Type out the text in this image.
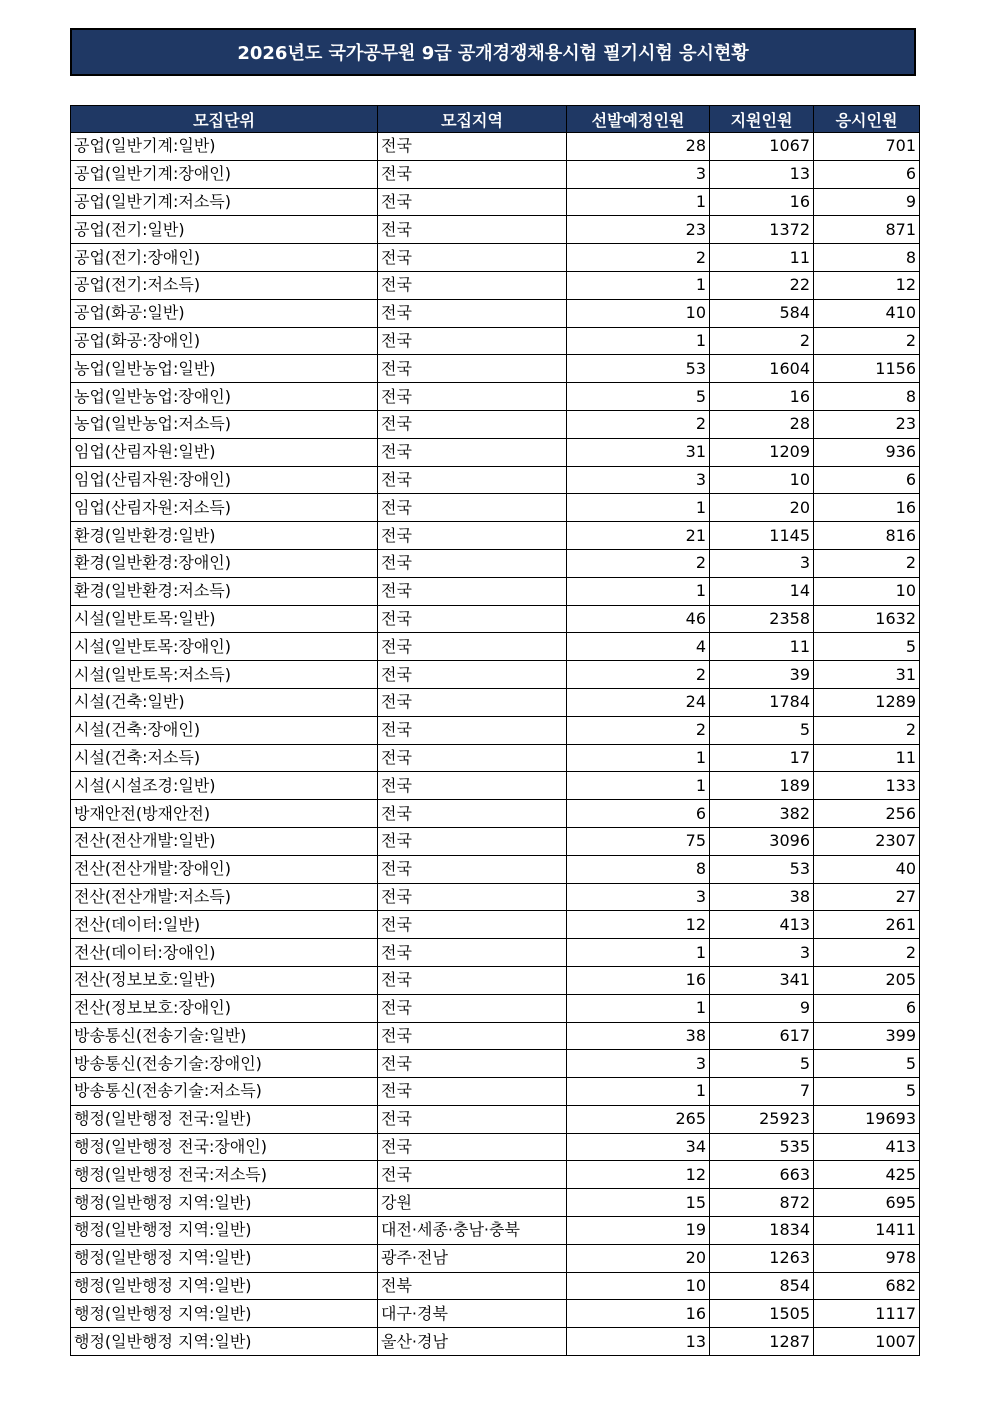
2026년도 국가공무원 9급 공개경쟁채용시험 필기시험 응시현황
모집단위	모집지역	선발예정인원	지원인원	응시인원
공업(일반기계:일반)	전국	28	1067	701
공업(일반기계:장애인)	전국	3	13	6
공업(일반기계:저소득)	전국	1	16	9
공업(전기:일반)	전국	23	1372	871
공업(전기:장애인)	전국	2	11	8
공업(전기:저소득)	전국	1	22	12
공업(화공:일반)	전국	10	584	410
공업(화공:장애인)	전국	1	2	2
농업(일반농업:일반)	전국	53	1604	1156
농업(일반농업:장애인)	전국	5	16	8
농업(일반농업:저소득)	전국	2	28	23
임업(산림자원:일반)	전국	31	1209	936
임업(산림자원:장애인)	전국	3	10	6
임업(산림자원:저소득)	전국	1	20	16
환경(일반환경:일반)	전국	21	1145	816
환경(일반환경:장애인)	전국	2	3	2
환경(일반환경:저소득)	전국	1	14	10
시설(일반토목:일반)	전국	46	2358	1632
시설(일반토목:장애인)	전국	4	11	5
시설(일반토목:저소득)	전국	2	39	31
시설(건축:일반)	전국	24	1784	1289
시설(건축:장애인)	전국	2	5	2
시설(건축:저소득)	전국	1	17	11
시설(시설조경:일반)	전국	1	189	133
방재안전(방재안전)	전국	6	382	256
전산(전산개발:일반)	전국	75	3096	2307
전산(전산개발:장애인)	전국	8	53	40
전산(전산개발:저소득)	전국	3	38	27
전산(데이터:일반)	전국	12	413	261
전산(데이터:장애인)	전국	1	3	2
전산(정보보호:일반)	전국	16	341	205
전산(정보보호:장애인)	전국	1	9	6
방송통신(전송기술:일반)	전국	38	617	399
방송통신(전송기술:장애인)	전국	3	5	5
방송통신(전송기술:저소득)	전국	1	7	5
행정(일반행정 전국:일반)	전국	265	25923	19693
행정(일반행정 전국:장애인)	전국	34	535	413
행정(일반행정 전국:저소득)	전국	12	663	425
행정(일반행정 지역:일반)	강원	15	872	695
행정(일반행정 지역:일반)	대전·세종·충남·충북	19	1834	1411
행정(일반행정 지역:일반)	광주·전남	20	1263	978
행정(일반행정 지역:일반)	전북	10	854	682
행정(일반행정 지역:일반)	대구·경북	16	1505	1117
행정(일반행정 지역:일반)	울산·경남	13	1287	1007
